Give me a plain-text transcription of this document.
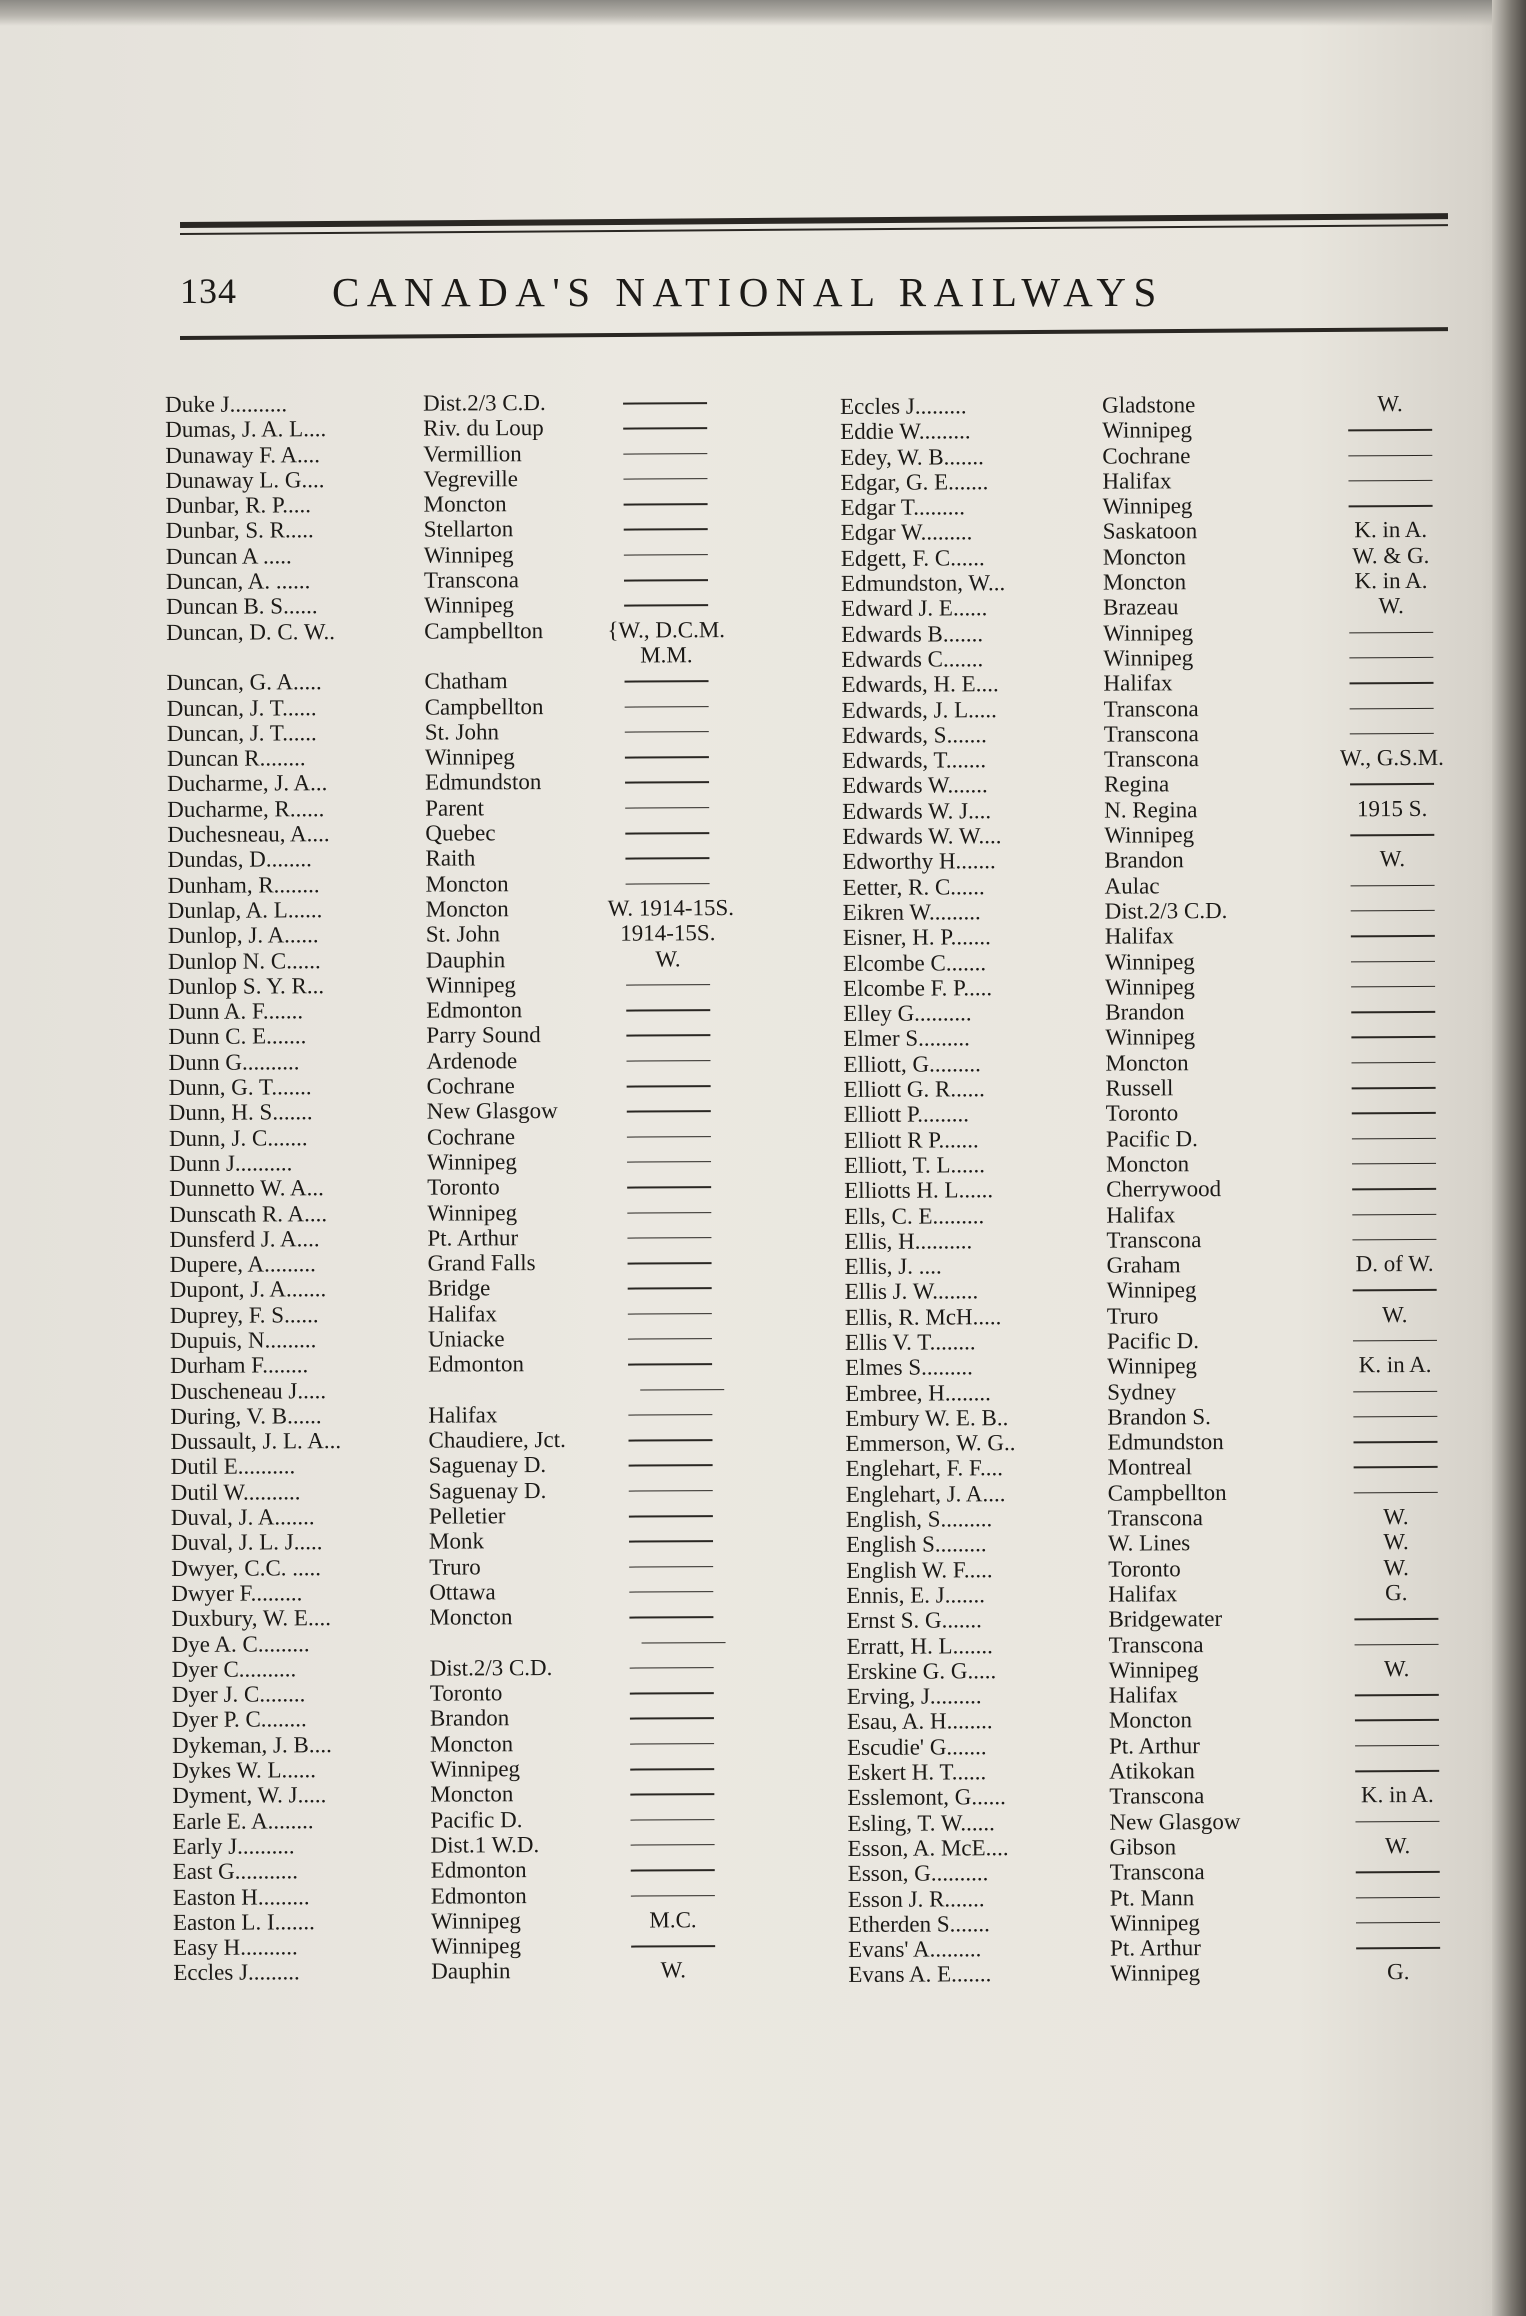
134 CANADA'S NATIONAL RAILWAYS
Duke J..........	Dist.2/3 C.D.
Dumas, J. A. L....	Riv. du Loup
Dunaway F. A....	Vermillion
Dunaway L. G....	Vegreville
Dunbar, R. P.....	Moncton
Dunbar, S. R.....	Stellarton
Duncan A .....	Winnipeg
Duncan, A. ......	Transcona
Duncan B. S......	Winnipeg
Duncan, D. C. W..	Campbellton	{W., D.C.M.
M.M.
Duncan, G. A.....	Chatham
Duncan, J. T......	Campbellton
Duncan, J. T......	St. John
Duncan R........	Winnipeg
Ducharme, J. A...	Edmundston
Ducharme, R......	Parent
Duchesneau, A....	Quebec
Dundas, D........	Raith
Dunham, R........	Moncton
Dunlap, A. L......	Moncton	W. 1914-15S.
Dunlop, J. A......	St. John	1914-15S.
Dunlop N. C......	Dauphin	W.
Dunlop S. Y. R...	Winnipeg
Dunn A. F.......	Edmonton
Dunn C. E.......	Parry Sound
Dunn G..........	Ardenode
Dunn, G. T.......	Cochrane
Dunn, H. S.......	New Glasgow
Dunn, J. C.......	Cochrane
Dunn J..........	Winnipeg
Dunnetto W. A...	Toronto
Dunscath R. A....	Winnipeg
Dunsferd J. A....	Pt. Arthur
Dupere, A.........	Grand Falls
Dupont, J. A.......	Bridge
Duprey, F. S......	Halifax
Dupuis, N.........	Uniacke
Durham F........	Edmonton
Duscheneau J.....
During, V. B......	Halifax
Dussault, J. L. A...	Chaudiere, Jct.
Dutil E..........	Saguenay D.
Dutil W..........	Saguenay D.
Duval, J. A.......	Pelletier
Duval, J. L. J.....	Monk
Dwyer, C.C. .....	Truro
Dwyer F.........	Ottawa
Duxbury, W. E....	Moncton
Dye A. C.........
Dyer C..........	Dist.2/3 C.D.
Dyer J. C........	Toronto
Dyer P. C........	Brandon
Dykeman, J. B....	Moncton
Dykes W. L......	Winnipeg
Dyment, W. J.....	Moncton
Earle E. A........	Pacific D.
Early J..........	Dist.1 W.D.
East G...........	Edmonton
Easton H.........	Edmonton
Easton L. I.......	Winnipeg	M.C.
Easy H..........	Winnipeg
Eccles J.........	Dauphin	W.
Eccles J.........	Gladstone	W.
Eddie W.........	Winnipeg
Edey, W. B.......	Cochrane
Edgar, G. E.......	Halifax
Edgar T.........	Winnipeg
Edgar W.........	Saskatoon	K. in A.
Edgett, F. C......	Moncton	W. & G.
Edmundston, W...	Moncton	K. in A.
Edward J. E......	Brazeau	W.
Edwards B.......	Winnipeg
Edwards C.......	Winnipeg
Edwards, H. E....	Halifax
Edwards, J. L.....	Transcona
Edwards, S.......	Transcona
Edwards, T.......	Transcona	W., G.S.M.
Edwards W.......	Regina
Edwards W. J....	N. Regina	1915 S.
Edwards W. W....	Winnipeg
Edworthy H.......	Brandon	W.
Eetter, R. C......	Aulac
Eikren W.........	Dist.2/3 C.D.
Eisner, H. P.......	Halifax
Elcombe C.......	Winnipeg
Elcombe F. P.....	Winnipeg
Elley G..........	Brandon
Elmer S.........	Winnipeg
Elliott, G.........	Moncton
Elliott G. R......	Russell
Elliott P.........	Toronto
Elliott R P.......	Pacific D.
Elliott, T. L......	Moncton
Elliotts H. L......	Cherrywood
Ells, C. E.........	Halifax
Ellis, H..........	Transcona
Ellis, J. ....	Graham	D. of W.
Ellis J. W........	Winnipeg
Ellis, R. McH.....	Truro	W.
Ellis V. T........	Pacific D.
Elmes S.........	Winnipeg	K. in A.
Embree, H........	Sydney
Embury W. E. B..	Brandon S.
Emmerson, W. G..	Edmundston
Englehart, F. F....	Montreal
Englehart, J. A....	Campbellton
English, S.........	Transcona	W.
English S.........	W. Lines	W.
English W. F.....	Toronto	W.
Ennis, E. J.......	Halifax	G.
Ernst S. G.......	Bridgewater
Erratt, H. L.......	Transcona
Erskine G. G.....	Winnipeg	W.
Erving, J.........	Halifax
Esau, A. H........	Moncton
Escudie' G.......	Pt. Arthur
Eskert H. T......	Atikokan
Esslemont, G......	Transcona	K. in A.
Esling, T. W......	New Glasgow
Esson, A. McE....	Gibson	W.
Esson, G..........	Transcona
Esson J. R.......	Pt. Mann
Etherden S.......	Winnipeg
Evans' A.........	Pt. Arthur
Evans A. E.......	Winnipeg	G.
